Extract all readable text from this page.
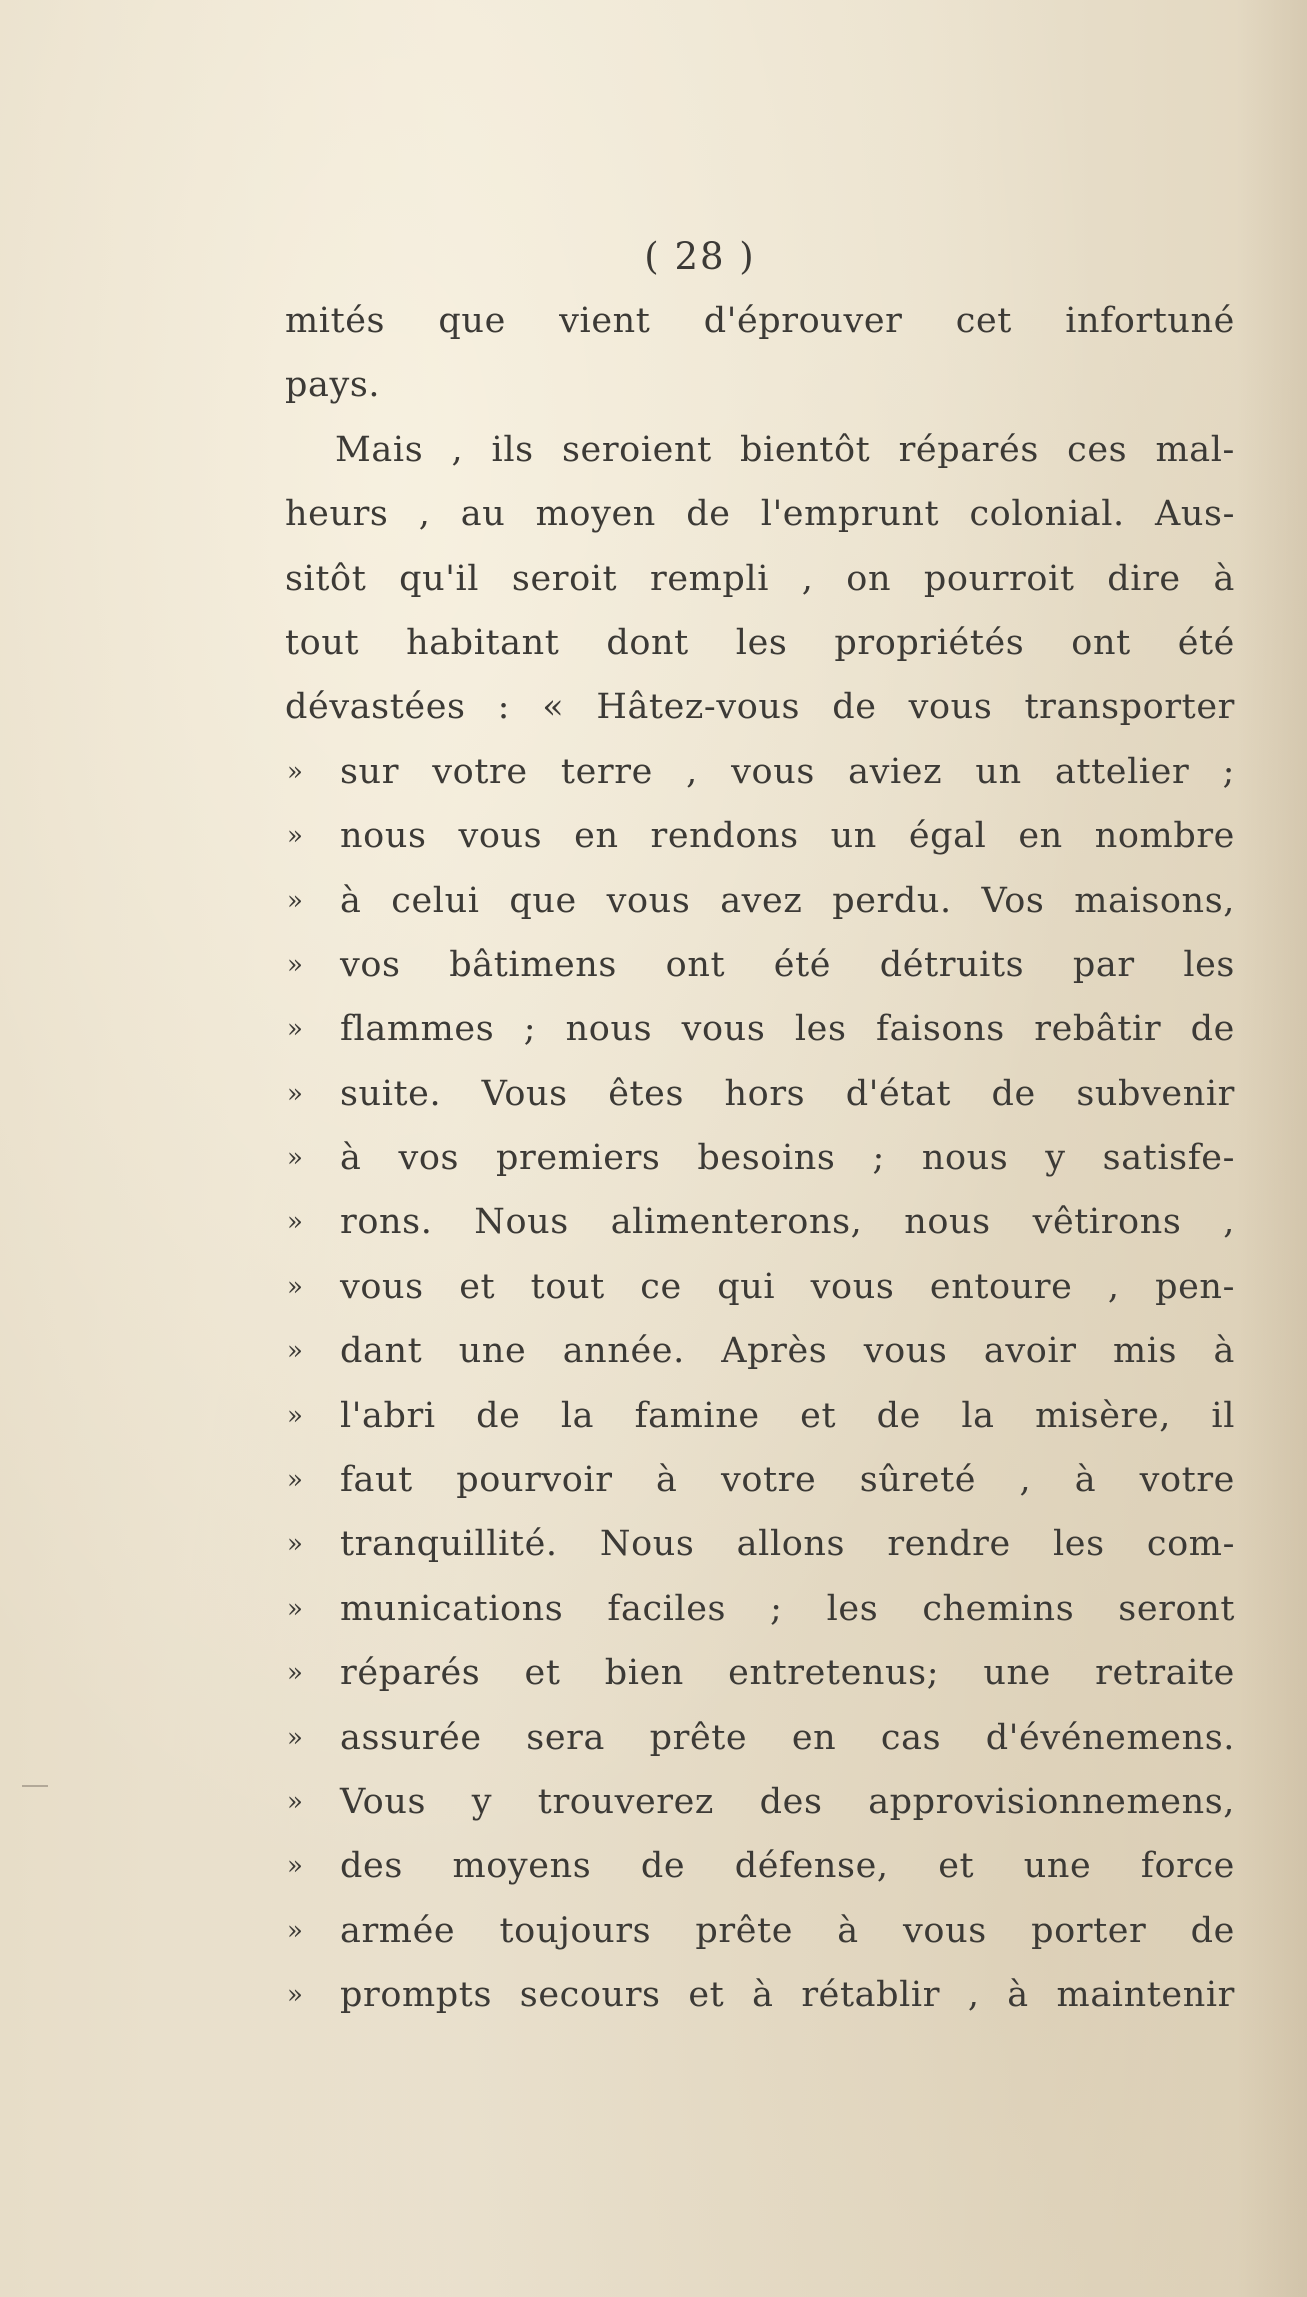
( 28 )
mités que vient d'éprouver cet infortuné
pays.
Mais , ils seroient bientôt réparés ces mal-
heurs , au moyen de l'emprunt colonial. Aus-
sitôt qu'il seroit rempli , on pourroit dire à
tout habitant dont les propriétés ont été
dévastées : « Hâtez-vous de vous transporter
» sur votre terre , vous aviez un attelier ;
» nous vous en rendons un égal en nombre
» à celui que vous avez perdu. Vos maisons,
» vos bâtimens ont été détruits par les
» flammes ; nous vous les faisons rebâtir de
» suite. Vous êtes hors d'état de subvenir
» à vos premiers besoins ; nous y satisfe-
» rons. Nous alimenterons, nous vêtirons ,
» vous et tout ce qui vous entoure , pen-
» dant une année. Après vous avoir mis à
» l'abri de la famine et de la misère, il
» faut pourvoir à votre sûreté , à votre
» tranquillité. Nous allons rendre les com-
» munications faciles ; les chemins seront
» réparés et bien entretenus; une retraite
» assurée sera prête en cas d'événemens.
» Vous y trouverez des approvisionnemens,
» des moyens de défense, et une force
» armée toujours prête à vous porter de
» prompts secours et à rétablir , à maintenir
